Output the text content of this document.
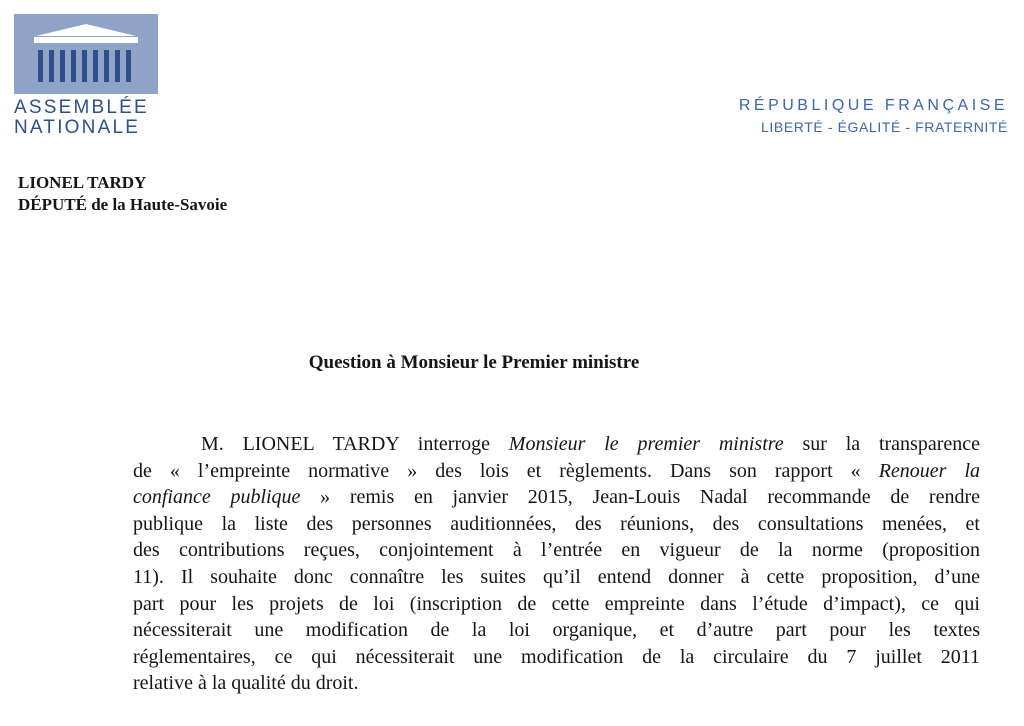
ASSEMBLÉE
NATIONALE
RÉPUBLIQUE FRANÇAISE
LIBERTÉ - ÉGALITÉ - FRATERNITÉ
LIONEL TARDY
DÉPUTÉ de la Haute-Savoie
Question à Monsieur le Premier ministre
M. LIONEL TARDY interroge Monsieur le premier ministre sur la transparence
de « l’empreinte normative » des lois et règlements. Dans son rapport « Renouer la
confiance publique » remis en janvier 2015, Jean-Louis Nadal recommande de rendre
publique la liste des personnes auditionnées, des réunions, des consultations menées, et
des contributions reçues, conjointement à l’entrée en vigueur de la norme (proposition
11). Il souhaite donc connaître les suites qu’il entend donner à cette proposition, d’une
part pour les projets de loi (inscription de cette empreinte dans l’étude d’impact), ce qui
nécessiterait une modification de la loi organique, et d’autre part pour les textes
réglementaires, ce qui nécessiterait une modification de la circulaire du 7 juillet 2011
relative à la qualité du droit.
